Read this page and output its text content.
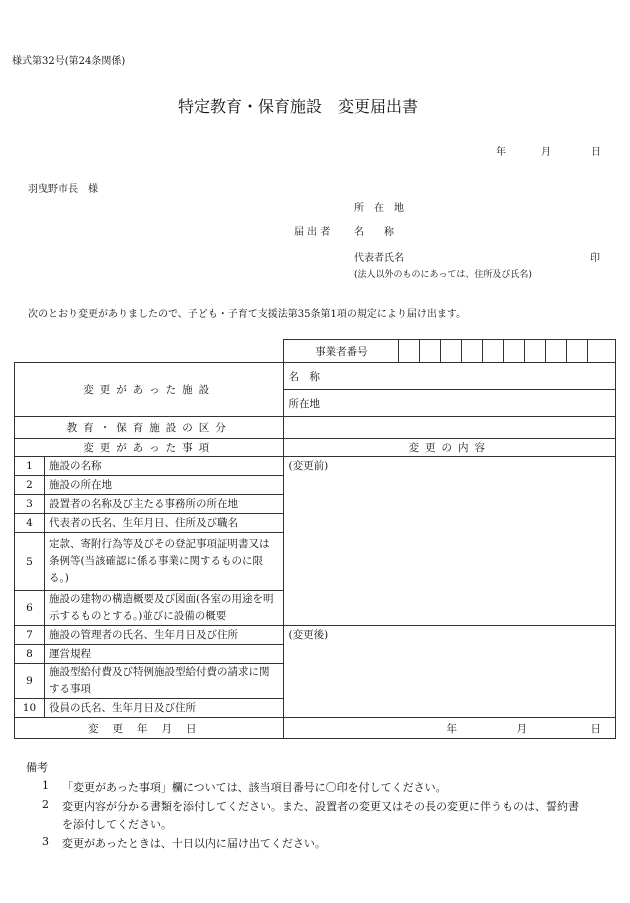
様式第32号(第24条関係)
特定教育・保育施設　変更届出書
年	月	日
羽曳野市長　様
所　在　地
届 出 者 名　　称
代表者氏名	印
(法人以外のものにあっては、住所及び氏名)
次のとおり変更がありましたので、子ども・子育て支援法第35条第1項の規定により届け出ます。
		事業者番号										
変更があった施設		名　称										
		所在地										
教育・保育施設の区分												
変更があった事項		変更の内容										
1	施設の名称	(変更前)										
2	施設の所在地											
3	設置者の名称及び主たる事務所の所在地											
4	代表者の氏名、生年月日、住所及び職名											
5	定款、寄附行為等及びその登記事項証明書又は条例等(当該確認に係る事業に関するものに限る。)											
6	施設の建物の構造概要及び図面(各室の用途を明示するものとする。)並びに設備の概要											
7	施設の管理者の氏名、生年月日及び住所	(変更後)										
8	運営規程											
9	施設型給付費及び特例施設型給付費の請求に関する事項											
10	役員の氏名、生年月日及び住所											
変更年月日		年 月 日										
備考
1 「変更があった事項」欄については、該当項目番号に〇印を付してください。
2 変更内容が分かる書類を添付してください。また、設置者の変更又はその長の変更に伴うものは、誓約書
を添付してください。
3 変更があったときは、十日以内に届け出てください。
